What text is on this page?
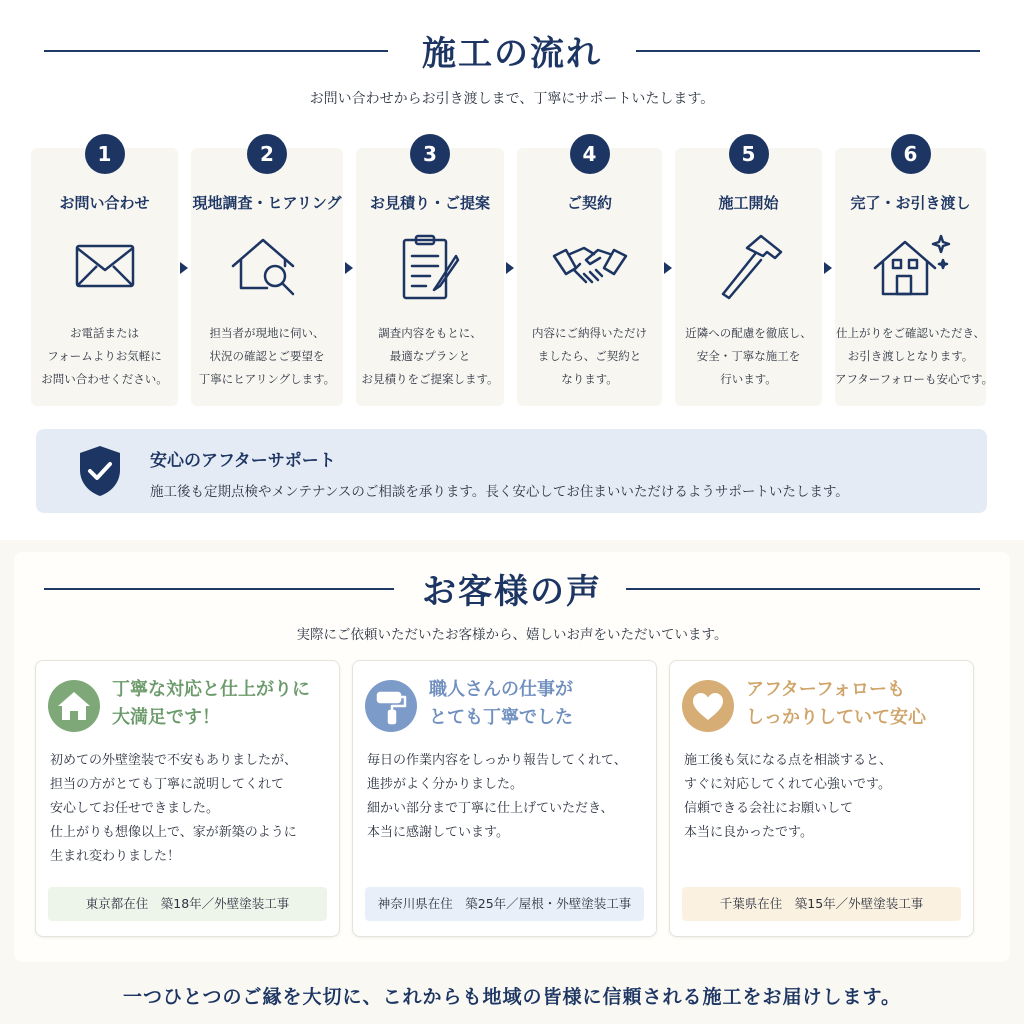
施工の流れ
お問い合わせからお引き渡しまで、丁寧にサポートいたします。
1
お問い合わせ
お電話または
フォームよりお気軽に
お問い合わせください。
2
現地調査・ヒアリング
担当者が現地に伺い、
状況の確認とご要望を
丁寧にヒアリングします。
3
お見積り・ご提案
調査内容をもとに、
最適なプランと
お見積りをご提案します。
4
ご契約
内容にご納得いただけ
ましたら、ご契約と
なります。
5
施工開始
近隣への配慮を徹底し、
安全・丁寧な施工を
行います。
6
完了・お引き渡し
仕上がりをご確認いただき、
お引き渡しとなります。
アフターフォローも安心です。
安心のアフターサポート
施工後も定期点検やメンテナンスのご相談を承ります。長く安心してお住まいいただけるようサポートいたします。
お客様の声
実際にご依頼いただいたお客様から、嬉しいお声をいただいています。
丁寧な対応と仕上がりに
大満足です！
初めての外壁塗装で不安もありましたが、
担当の方がとても丁寧に説明してくれて
安心してお任せできました。
仕上がりも想像以上で、家が新築のように
生まれ変わりました！
東京都在住　築18年／外壁塗装工事
職人さんの仕事が
とても丁寧でした
毎日の作業内容をしっかり報告してくれて、
進捗がよく分かりました。
細かい部分まで丁寧に仕上げていただき、
本当に感謝しています。
神奈川県在住　築25年／屋根・外壁塗装工事
アフターフォローも
しっかりしていて安心
施工後も気になる点を相談すると、
すぐに対応してくれて心強いです。
信頼できる会社にお願いして
本当に良かったです。
千葉県在住　築15年／外壁塗装工事
一つひとつのご縁を大切に、これからも地域の皆様に信頼される施工をお届けします。
